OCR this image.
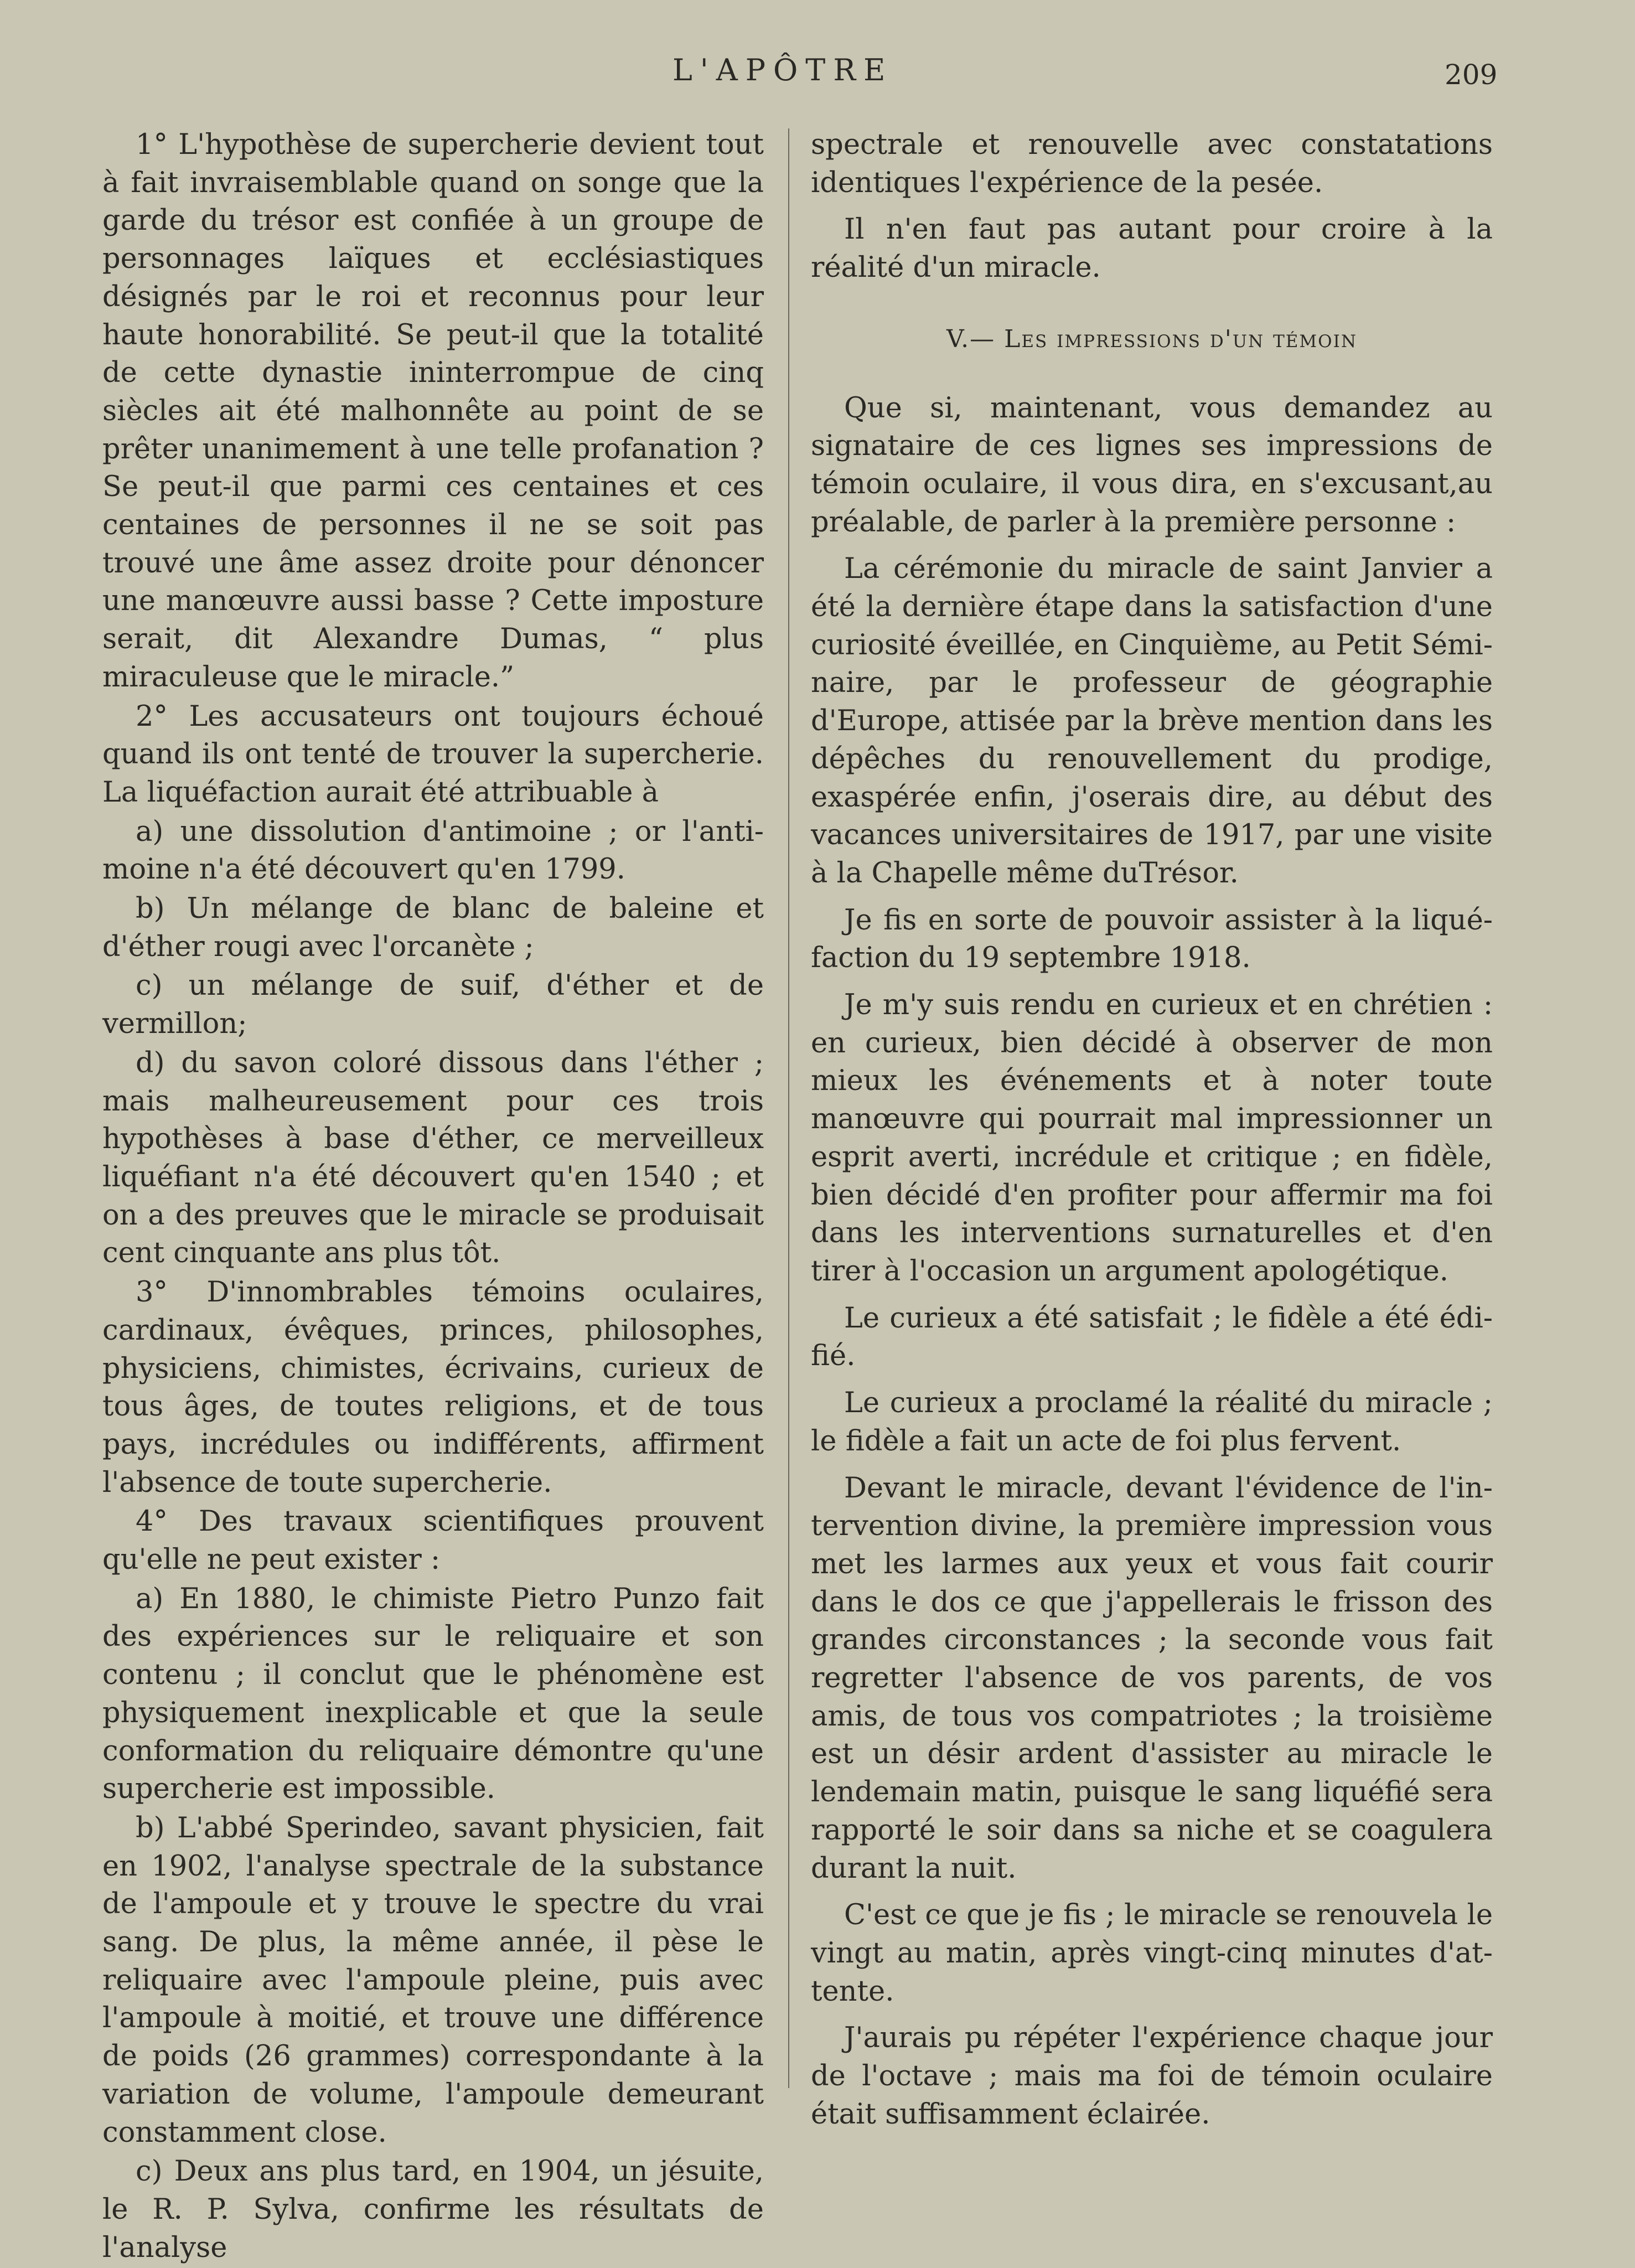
L'APÔTRE	209

1° L'hypothèse de supercherie devient tout à fait invraisemblable quand on songe que la garde du trésor est confiée à un groupe de personnages laïques et ecclésiastiques désignés par le roi et reconnus pour leur haute honorabilité. Se peut-il que la totalité de cette dynastie ininterrompue de cinq siècles ait été malhonnête au point de se prêter unanimement à une telle profanation ? Se peut-il que parmi ces centaines et ces centaines de personnes il ne se soit pas trouvé une âme assez droite pour dénoncer une manœuvre aussi basse ? Cette imposture serait, dit Alexandre Dumas, “ plus miraculeuse que le miracle.”

2° Les accusateurs ont toujours échoué quand ils ont tenté de trouver la supercherie. La liquéfaction aurait été attribuable à

a) une dissolution d'antimoine ; or l'antimoine n'a été découvert qu'en 1799.

b) Un mélange de blanc de baleine et d'éther rougi avec l'orcanète ;

c) un mélange de suif, d'éther et de vermillon;

d) du savon coloré dissous dans l'éther ; mais malheureusement pour ces trois hypothèses à base d'éther, ce merveilleux liquéfiant n'a été découvert qu'en 1540 ; et on a des preuves que le miracle se produisait cent cinquante ans plus tôt.

3° D'innombrables témoins oculaires, cardinaux, évêques, princes, philosophes, physiciens, chimistes, écrivains, curieux de tous âges, de toutes religions, et de tous pays, incrédules ou indifférents, affirment l'absence de toute supercherie.

4° Des travaux scientifiques prouvent qu'elle ne peut exister :

a) En 1880, le chimiste Pietro Punzo fait des expériences sur le reliquaire et son contenu ; il conclut que le phénomène est physiquement inexplicable et que la seule conformation du reliquaire démontre qu'une supercherie est impossible.

b) L'abbé Sperindeo, savant physicien, fait en 1902, l'analyse spectrale de la substance de l'ampoule et y trouve le spectre du vrai sang. De plus, la même année, il pèse le reliquaire avec l'ampoule pleine, puis avec l'ampoule à moitié, et trouve une différence de poids (26 grammes) correspondante à la variation de volume, l'ampoule demeurant constamment close.

c) Deux ans plus tard, en 1904, un jésuite, le R. P. Sylva, confirme les résultats de l'analyse

spectrale et renouvelle avec constatations identiques l'expérience de la pesée.

Il n'en faut pas autant pour croire à la réalité d'un miracle.

V.— Les impressions d'un témoin

Que si, maintenant, vous demandez au signataire de ces lignes ses impressions de témoin oculaire, il vous dira, en s'excusant,au préalable, de parler à la première personne :

La cérémonie du miracle de saint Janvier a été la dernière étape dans la satisfaction d'une curiosité éveillée, en Cinquième, au Petit Séminaire, par le professeur de géographie d'Europe, attisée par la brève mention dans les dépêches du renouvellement du prodige, exaspérée enfin, j'oserais dire, au début des vacances universitaires de 1917, par une visite à la Chapelle même duTrésor.

Je fis en sorte de pouvoir assister à la liquéfaction du 19 septembre 1918.

Je m'y suis rendu en curieux et en chrétien : en curieux, bien décidé à observer de mon mieux les événements et à noter toute manœuvre qui pourrait mal impressionner un esprit averti, incrédule et critique ; en fidèle, bien décidé d'en profiter pour affermir ma foi dans les interventions surnaturelles et d'en tirer à l'occasion un argument apologétique.

Le curieux a été satisfait ; le fidèle a été édifié.

Le curieux a proclamé la réalité du miracle ; le fidèle a fait un acte de foi plus fervent.

Devant le miracle, devant l'évidence de l'intervention divine, la première impression vous met les larmes aux yeux et vous fait courir dans le dos ce que j'appellerais le frisson des grandes circonstances ; la seconde vous fait regretter l'absence de vos parents, de vos amis, de tous vos compatriotes ; la troisième est un désir ardent d'assister au miracle le lendemain matin, puisque le sang liquéfié sera rapporté le soir dans sa niche et se coagulera durant la nuit.

C'est ce que je fis ; le miracle se renouvela le vingt au matin, après vingt-cinq minutes d'attente.

J'aurais pu répéter l'expérience chaque jour de l'octave ; mais ma foi de témoin oculaire était suffisamment éclairée.
